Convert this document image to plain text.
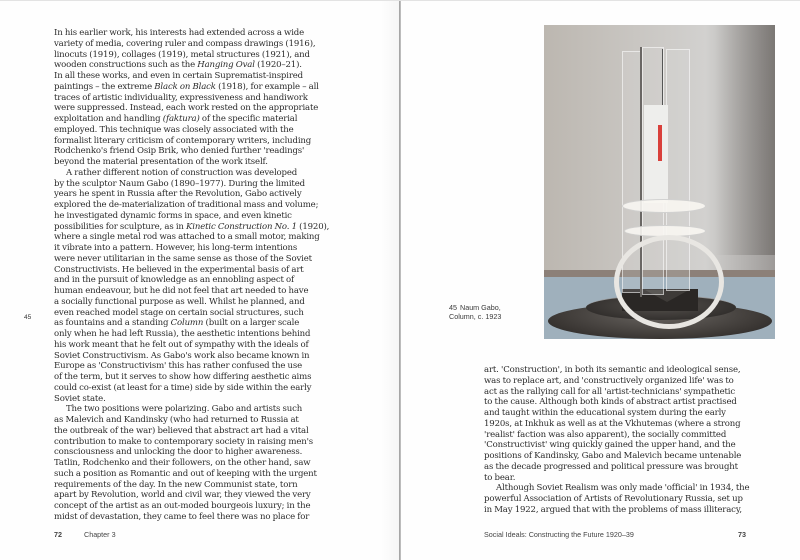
45
In his earlier work, his interests had extended across a wide
variety of media, covering ruler and compass drawings (1916),
linocuts (1919), collages (1919), metal structures (1921), and
wooden constructions such as the Hanging Oval (1920–21).
In all these works, and even in certain Suprematist-inspired
paintings – the extreme Black on Black (1918), for example – all
traces of artistic individuality, expressiveness and handiwork
were suppressed. Instead, each work rested on the appropriate
exploitation and handling (faktura) of the specific material
employed. This technique was closely associated with the
formalist literary criticism of contemporary writers, including
Rodchenko's friend Osip Brik, who denied further 'readings'
beyond the material presentation of the work itself.
A rather different notion of construction was developed
by the sculptor Naum Gabo (1890–1977). During the limited
years he spent in Russia after the Revolution, Gabo actively
explored the de-materialization of traditional mass and volume;
he investigated dynamic forms in space, and even kinetic
possibilities for sculpture, as in Kinetic Construction No. 1 (1920),
where a single metal rod was attached to a small motor, making
it vibrate into a pattern. However, his long-term intentions
were never utilitarian in the same sense as those of the Soviet
Constructivists. He believed in the experimental basis of art
and in the pursuit of knowledge as an ennobling aspect of
human endeavour, but he did not feel that art needed to have
a socially functional purpose as well. Whilst he planned, and
even reached model stage on certain social structures, such
as fountains and a standing Column (built on a larger scale
only when he had left Russia), the aesthetic intentions behind
his work meant that he felt out of sympathy with the ideals of
Soviet Constructivism. As Gabo's work also became known in
Europe as 'Constructivism' this has rather confused the use
of the term, but it serves to show how differing aesthetic aims
could co-exist (at least for a time) side by side within the early
Soviet state.
The two positions were polarizing. Gabo and artists such
as Malevich and Kandinsky (who had returned to Russia at
the outbreak of the war) believed that abstract art had a vital
contribution to make to contemporary society in raising men's
consciousness and unlocking the door to higher awareness.
Tatlin, Rodchenko and their followers, on the other hand, saw
such a position as Romantic and out of keeping with the urgent
requirements of the day. In the new Communist state, torn
apart by Revolution, world and civil war, they viewed the very
concept of the artist as an out-moded bourgeois luxury; in the
midst of devastation, they came to feel there was no place for
72	Chapter 3
45 Naum Gabo,
Column, c. 1923
art. 'Construction', in both its semantic and ideological sense,
was to replace art, and 'constructively organized life' was to
act as the rallying call for all 'artist-technicians' sympathetic
to the cause. Although both kinds of abstract artist practised
and taught within the educational system during the early
1920s, at Inkhuk as well as at the Vkhutemas (where a strong
'realist' faction was also apparent), the socially committed
'Constructivist' wing quickly gained the upper hand, and the
positions of Kandinsky, Gabo and Malevich became untenable
as the decade progressed and political pressure was brought
to bear.
Although Soviet Realism was only made 'official' in 1934, the
powerful Association of Artists of Revolutionary Russia, set up
in May 1922, argued that with the problems of mass illiteracy,
Social Ideals: Constructing the Future 1920–39	73
